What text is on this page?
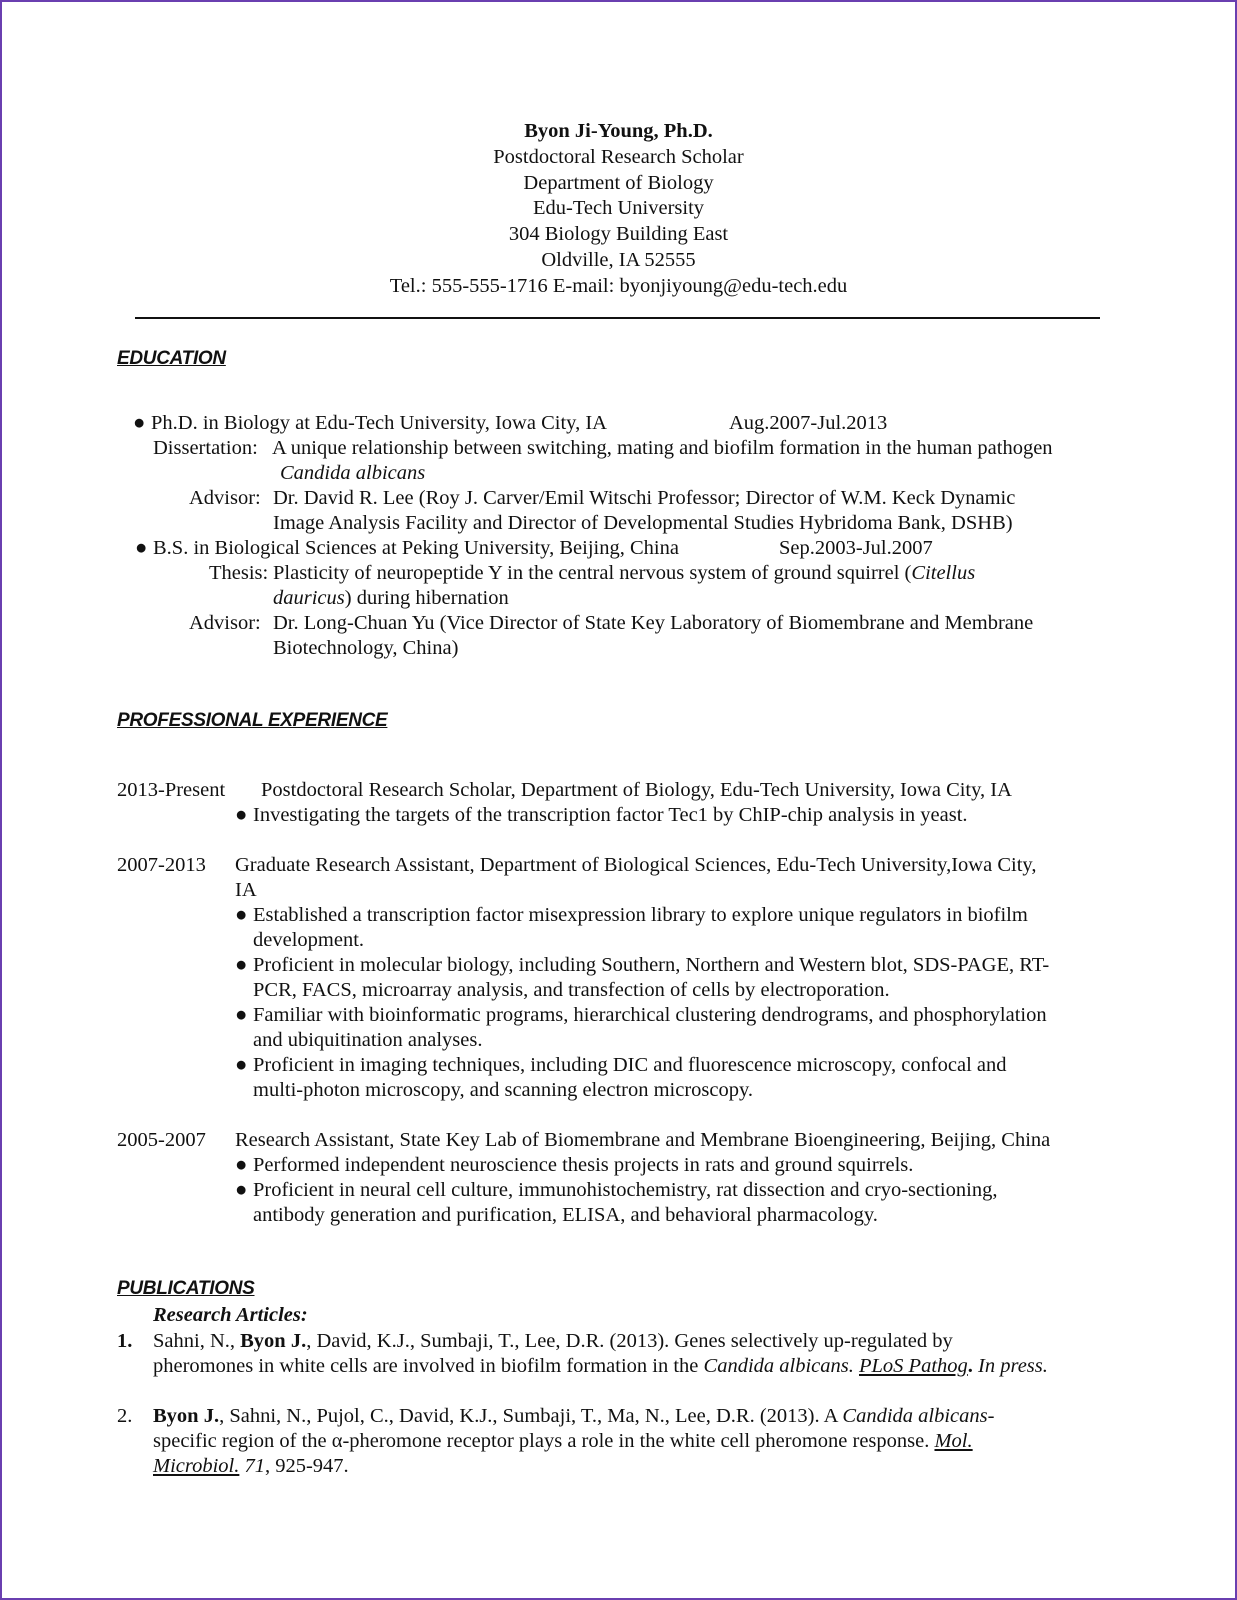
Byon Ji-Young, Ph.D.
Postdoctoral Research Scholar
Department of Biology
Edu-Tech University
304 Biology Building East
Oldville, IA 52555
Tel.: 555-555-1716 E-mail: byonjiyoung@edu-tech.edu
EDUCATION
● Ph.D. in Biology at Edu-Tech University, Iowa City, IA	Aug.2007-Jul.2013
Dissertation: A unique relationship between switching, mating and biofilm formation in the human pathogen
Candida albicans
Advisor: Dr. David R. Lee (Roy J. Carver/Emil Witschi Professor; Director of W.M. Keck Dynamic
Image Analysis Facility and Director of Developmental Studies Hybridoma Bank, DSHB)
● B.S. in Biological Sciences at Peking University, Beijing, China	Sep.2003-Jul.2007
Thesis: Plasticity of neuropeptide Y in the central nervous system of ground squirrel (Citellus
dauricus) during hibernation
Advisor: Dr. Long-Chuan Yu (Vice Director of State Key Laboratory of Biomembrane and Membrane
Biotechnology, China)
PROFESSIONAL EXPERIENCE
2013-Present Postdoctoral Research Scholar, Department of Biology, Edu-Tech University, Iowa City, IA
● Investigating the targets of the transcription factor Tec1 by ChIP-chip analysis in yeast.
2007-2013 Graduate Research Assistant, Department of Biological Sciences, Edu-Tech University,Iowa City,
IA
● Established a transcription factor misexpression library to explore unique regulators in biofilm
development.
● Proficient in molecular biology, including Southern, Northern and Western blot, SDS-PAGE, RT-
PCR, FACS, microarray analysis, and transfection of cells by electroporation.
● Familiar with bioinformatic programs, hierarchical clustering dendrograms, and phosphorylation
and ubiquitination analyses.
● Proficient in imaging techniques, including DIC and fluorescence microscopy, confocal and
multi-photon microscopy, and scanning electron microscopy.
2005-2007 Research Assistant, State Key Lab of Biomembrane and Membrane Bioengineering, Beijing, China
● Performed independent neuroscience thesis projects in rats and ground squirrels.
● Proficient in neural cell culture, immunohistochemistry, rat dissection and cryo-sectioning,
antibody generation and purification, ELISA, and behavioral pharmacology.
PUBLICATIONS
Research Articles:
1. Sahni, N., Byon J., David, K.J., Sumbaji, T., Lee, D.R. (2013). Genes selectively up-regulated by
pheromones in white cells are involved in biofilm formation in the Candida albicans. PLoS Pathog. In press.
2. Byon J., Sahni, N., Pujol, C., David, K.J., Sumbaji, T., Ma, N., Lee, D.R. (2013). A Candida albicans-
specific region of the α-pheromone receptor plays a role in the white cell pheromone response. Mol.
Microbiol. 71, 925-947.
